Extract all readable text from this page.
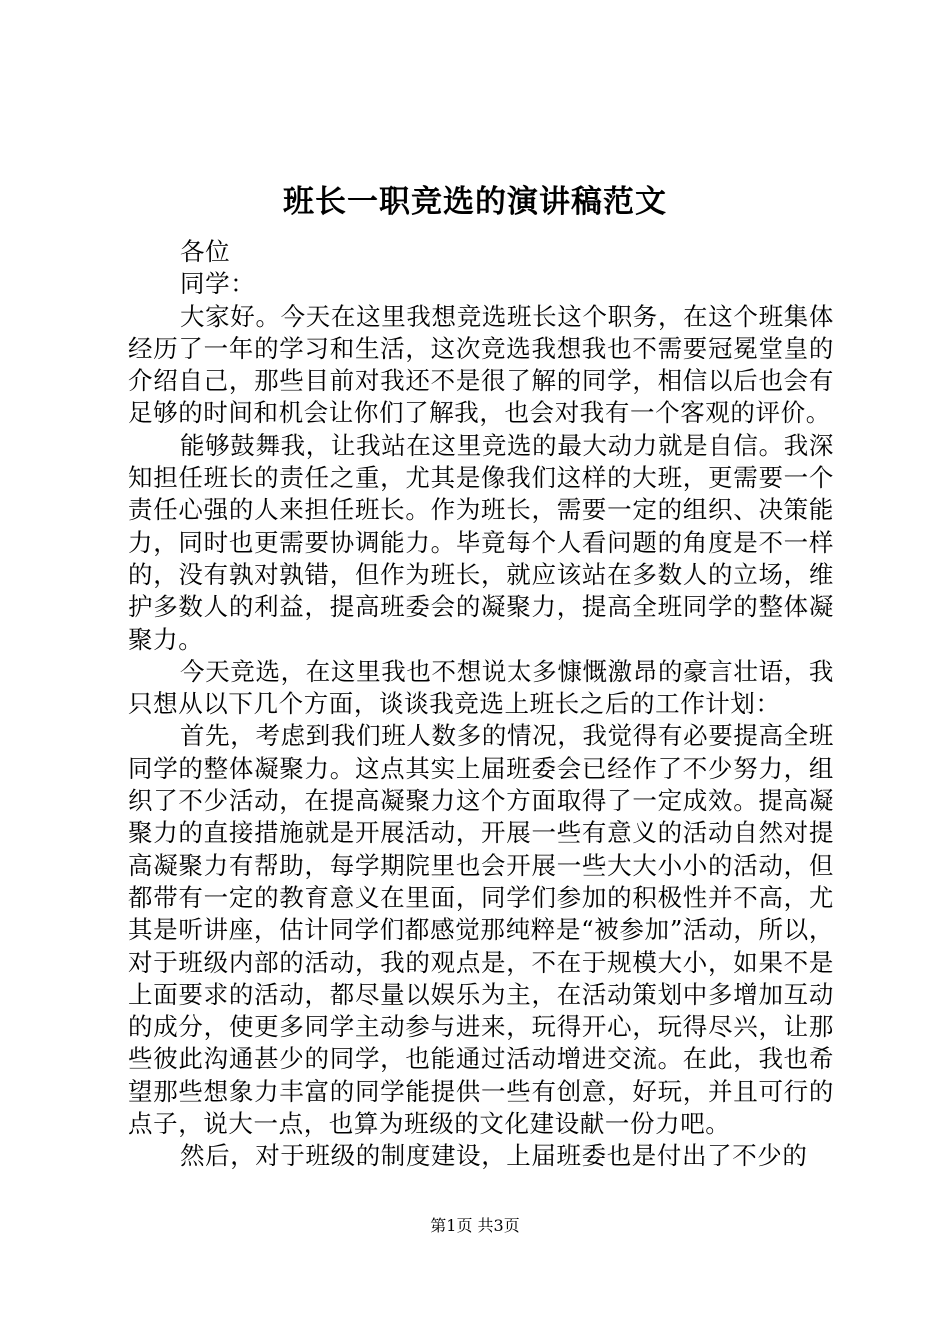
班长一职竞选的演讲稿范文

各位

同学：

大家好。今天在这里我想竞选班长这个职务，在这个班集体经历了一年的学习和生活，这次竞选我想我也不需要冠冕堂皇的介绍自己，那些目前对我还不是很了解的同学，相信以后也会有足够的时间和机会让你们了解我，也会对我有一个客观的评价。

能够鼓舞我，让我站在这里竞选的最大动力就是自信。我深知担任班长的责任之重，尤其是像我们这样的大班，更需要一个责任心强的人来担任班长。作为班长，需要一定的组织、决策能力，同时也更需要协调能力。毕竟每个人看问题的角度是不一样的，没有孰对孰错，但作为班长，就应该站在多数人的立场，维护多数人的利益，提高班委会的凝聚力，提高全班同学的整体凝聚力。

今天竞选，在这里我也不想说太多慷慨激昂的豪言壮语，我只想从以下几个方面，谈谈我竞选上班长之后的工作计划：

首先，考虑到我们班人数多的情况，我觉得有必要提高全班同学的整体凝聚力。这点其实上届班委会已经作了不少努力，组织了不少活动，在提高凝聚力这个方面取得了一定成效。提高凝聚力的直接措施就是开展活动，开展一些有意义的活动自然对提高凝聚力有帮助，每学期院里也会开展一些大大小小的活动，但都带有一定的教育意义在里面，同学们参加的积极性并不高，尤其是听讲座，估计同学们都感觉那纯粹是“被参加”活动，所以，对于班级内部的活动，我的观点是，不在于规模大小，如果不是上面要求的活动，都尽量以娱乐为主，在活动策划中多增加互动的成分，使更多同学主动参与进来，玩得开心，玩得尽兴，让那些彼此沟通甚少的同学，也能通过活动增进交流。在此，我也希望那些想象力丰富的同学能提供一些有创意，好玩，并且可行的点子，说大一点，也算为班级的文化建设献一份力吧。

然后，对于班级的制度建设，上届班委也是付出了不少的

第1页 共3页
